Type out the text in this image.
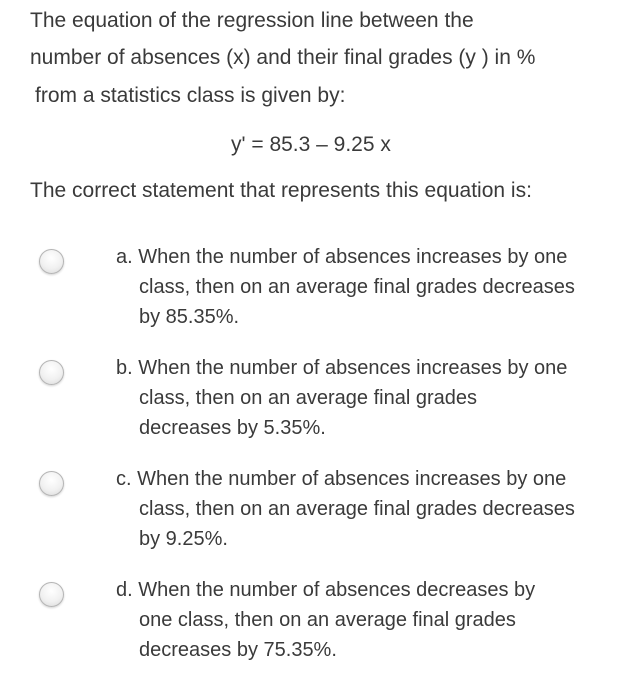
The equation of the regression line between the
number of absences (x) and their final grades (y ) in %
from a statistics class is given by:
y' = 85.3 – 9.25 x
The correct statement that represents this equation is:
a. When the number of absences increases by one
class, then on an average final grades decreases
by 85.35%.
b. When the number of absences increases by one
class, then on an average final grades
decreases by 5.35%.
c. When the number of absences increases by one
class, then on an average final grades decreases
by 9.25%.
d. When the number of absences decreases by
one class, then on an average final grades
decreases by 75.35%.
